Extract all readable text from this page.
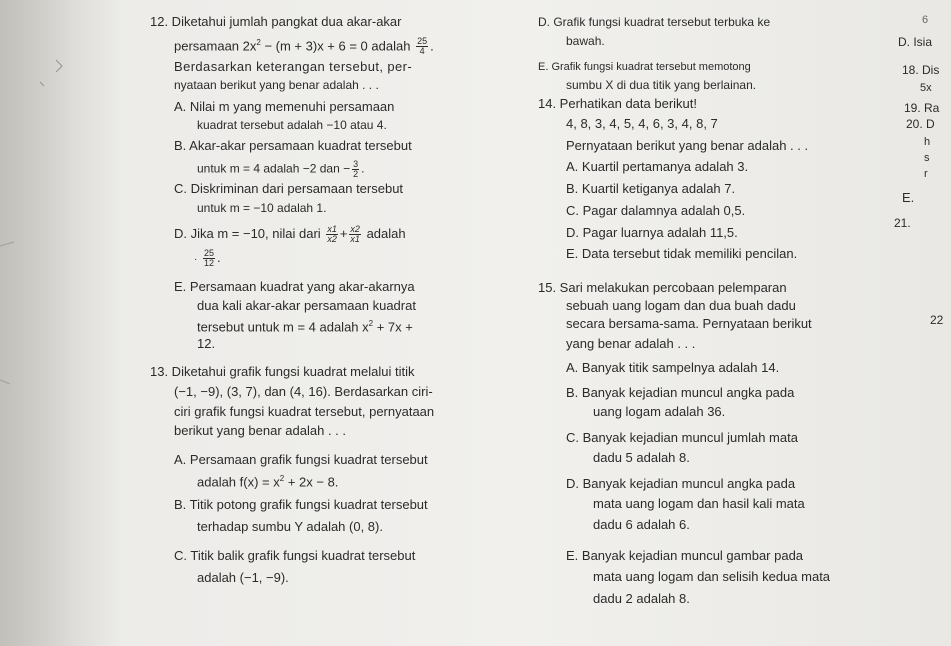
12. Diketahui jumlah pangkat dua akar-akar
persamaan $2x^2 - (m + 3)x + 6 = 0$ adalah $\frac{25}{4}$ .
Berdasarkan keterangan tersebut, per-
nyataan berikut yang benar adalah . . .
A. Nilai m yang memenuhi persamaan
kuadrat tersebut adalah −10 atau 4.
B. Akar-akar persamaan kuadrat tersebut
untuk m = 4 adalah −2 dan − $\frac{3}{2}$ .
C. Diskriminan dari persamaan tersebut
untuk m = −10 adalah 1.
D. Jika m = −10, nilai dari $\frac{x1}{x2} + \frac{x2}{x1}$ adalah
· $\frac{25}{12}$ .
E. Persamaan kuadrat yang akar-akarnya
dua kali akar-akar persamaan kuadrat
tersebut untuk m = 4 adalah $x^2 + 7x$ +
12.
13. Diketahui grafik fungsi kuadrat melalui titik
(−1, −9), (3, 7), dan (4, 16). Berdasarkan ciri-
ciri grafik fungsi kuadrat tersebut, pernyataan
berikut yang benar adalah . . .
A. Persamaan grafik fungsi kuadrat tersebut
adalah $f(x) = x^2 + 2x - 8$.
B. Titik potong grafik fungsi kuadrat tersebut
terhadap sumbu Y adalah (0, 8).
C. Titik balik grafik fungsi kuadrat tersebut
adalah (−1, −9).
D. Grafik fungsi kuadrat tersebut terbuka ke
bawah.
E. Grafik fungsi kuadrat tersebut memotong
sumbu X di dua titik yang berlainan.
14. Perhatikan data berikut!
4, 8, 3, 4, 5, 4, 6, 3, 4, 8, 7
Pernyataan berikut yang benar adalah . . .
A. Kuartil pertamanya adalah 3.
B. Kuartil ketiganya adalah 7.
C. Pagar dalamnya adalah 0,5.
D. Pagar luarnya adalah 11,5.
E. Data tersebut tidak memiliki pencilan.
15. Sari melakukan percobaan pelemparan
sebuah uang logam dan dua buah dadu
secara bersama-sama. Pernyataan berikut
yang benar adalah . . .
A. Banyak titik sampelnya adalah 14.
B. Banyak kejadian muncul angka pada
uang logam adalah 36.
C. Banyak kejadian muncul jumlah mata
dadu 5 adalah 8.
D. Banyak kejadian muncul angka pada
mata uang logam dan hasil kali mata
dadu 6 adalah 6.
E. Banyak kejadian muncul gambar pada
mata uang logam dan selisih kedua mata
dadu 2 adalah 8.
6
D. Isia
18. Dis
5x
19. Ra
20. D
h
s
r
E.
21.
22
